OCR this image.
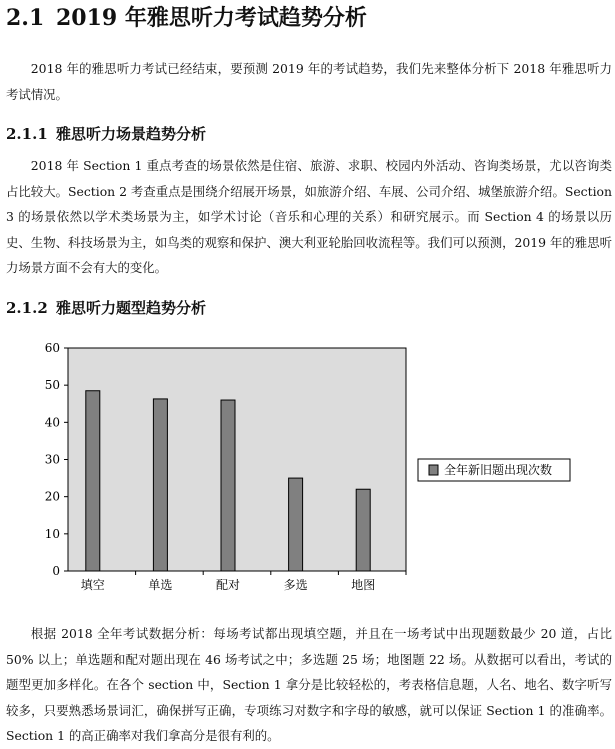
2.1 2019 年雅思听力考试趋势分析

2018 年的雅思听力考试已经结束，要预测 2019 年的考试趋势，我们先来整体分析下 2018 年雅思听力考试情况。

2.1.1 雅思听力场景趋势分析

2018 年 Section 1 重点考查的场景依然是住宿、旅游、求职、校园内外活动、咨询类场景，尤以咨询类占比较大。Section 2 考查重点是围绕介绍展开场景，如旅游介绍、车展、公司介绍、城堡旅游介绍。Section 3 的场景依然以学术类场景为主，如学术讨论（音乐和心理的关系）和研究展示。而 Section 4 的场景以历史、生物、科技场景为主，如鸟类的观察和保护、澳大利亚轮胎回收流程等。我们可以预测，2019 年的雅思听力场景方面不会有大的变化。

2.1.2 雅思听力题型趋势分析
0
10
20
30
40
50
60
填空	单选	配对	多选	地图
全年新旧题出现次数

根据 2018 全年考试数据分析：每场考试都出现填空题，并且在一场考试中出现题数最少 20 道，占比 50% 以上；单选题和配对题出现在 46 场考试之中；多选题 25 场；地图题 22 场。从数据可以看出，考试的题型更加多样化。在各个 section 中，Section 1 拿分是比较轻松的，考表格信息题，人名、地名、数字听写较多，只要熟悉场景词汇，确保拼写正确，专项练习对数字和字母的敏感，就可以保证 Section 1 的准确率。Section 1 的高正确率对我们拿高分是很有利的。
